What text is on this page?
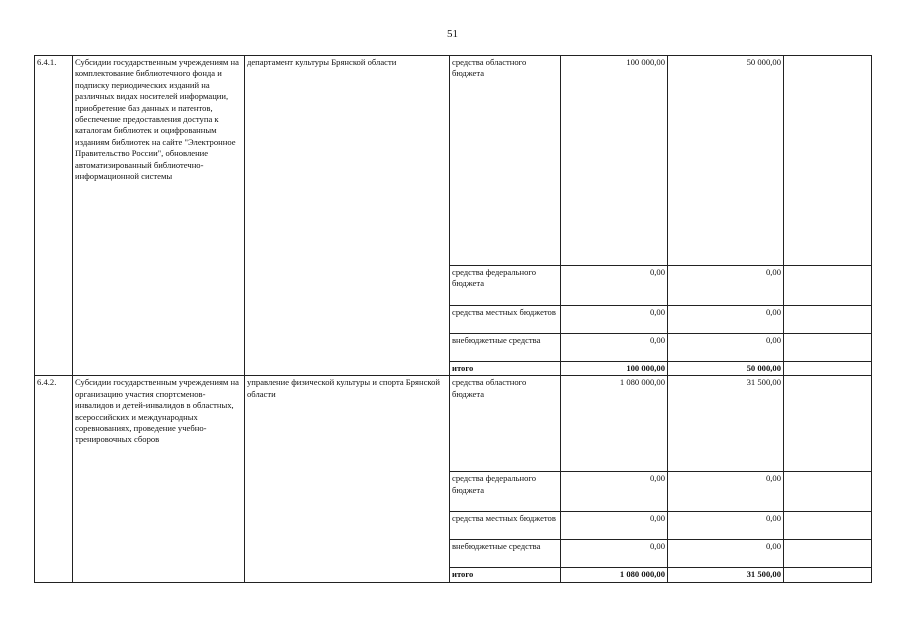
51
6.4.1.	Субсидии государственным учреждениям на комплектование библиотечного фонда и подписку периодических изданий на различных видах носителей информации, приобретение баз данных и патентов, обеспечение предоставления доступа к каталогам библиотек и оцифрованным изданиям библиотек на сайте "Электронное Правительство России", обновление автоматизированный библиотечно-информационной системы	департамент культуры Брянской области	средства областного бюджета	100 000,00	50 000,00	
			средства федерального бюджета	0,00	0,00	
			средства местных бюджетов	0,00	0,00	
			внебюджетные средства	0,00	0,00	
			итого	100 000,00	50 000,00	
6.4.2.	Субсидии государственным учреждениям на организацию участия спортсменов-инвалидов и детей-инвалидов в областных, всероссийских и международных соревнованиях, проведение учебно-тренировочных сборов	управление физической культуры и спорта Брянской области	средства областного бюджета	1 080 000,00	31 500,00	
			средства федерального бюджета	0,00	0,00	
			средства местных бюджетов	0,00	0,00	
			внебюджетные средства	0,00	0,00	
			итого	1 080 000,00	31 500,00	
